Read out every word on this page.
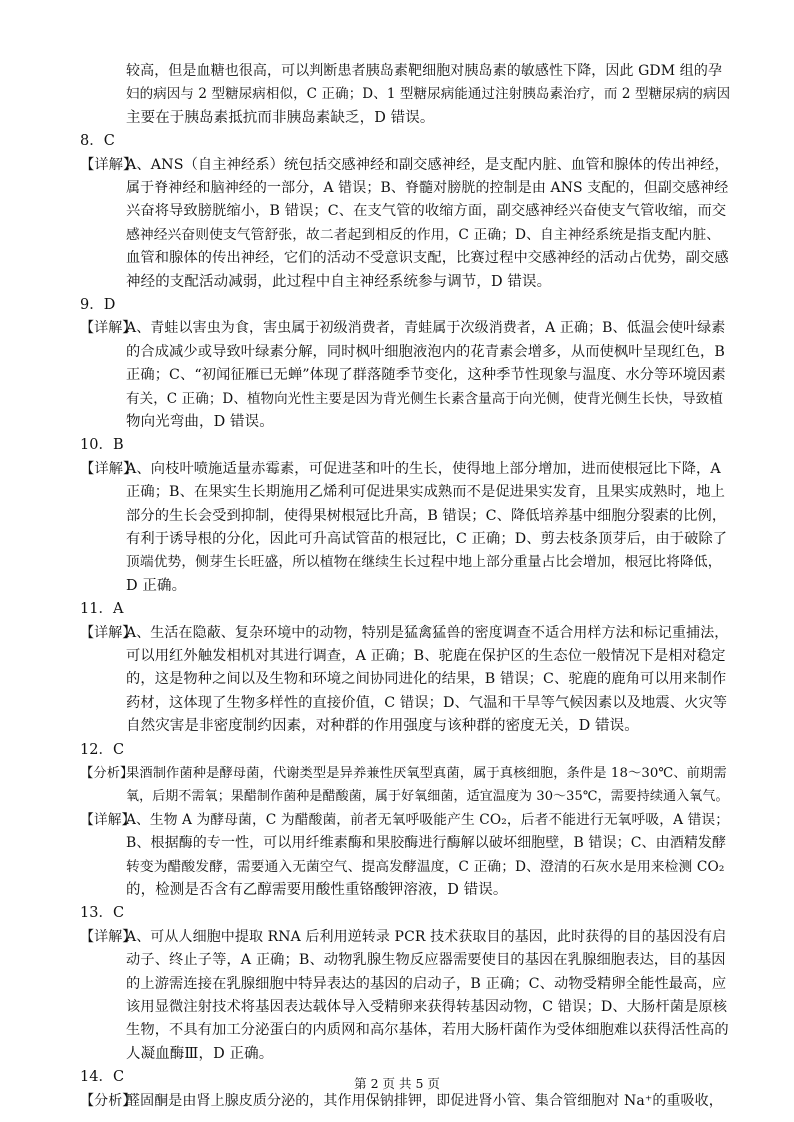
较高，但是血糖也很高，可以判断患者胰岛素靶细胞对胰岛素的敏感性下降，因此 GDM 组的孕
妇的病因与 2 型糖尿病相似，C 正确；D、1 型糖尿病能通过注射胰岛素治疗，而 2 型糖尿病的病因
主要在于胰岛素抵抗而非胰岛素缺乏，D 错误。
8．C
【详解】A、ANS（自主神经系）统包括交感神经和副交感神经，是支配内脏、血管和腺体的传出神经，
属于脊神经和脑神经的一部分，A 错误；B、脊髓对膀胱的控制是由 ANS 支配的，但副交感神经
兴奋将导致膀胱缩小，B 错误；C、在支气管的收缩方面，副交感神经兴奋使支气管收缩，而交
感神经兴奋则使支气管舒张，故二者起到相反的作用，C 正确；D、自主神经系统是指支配内脏、
血管和腺体的传出神经，它们的活动不受意识支配，比赛过程中交感神经的活动占优势，副交感
神经的支配活动减弱，此过程中自主神经系统参与调节，D 错误。
9．D
【详解】A、青蛙以害虫为食，害虫属于初级消费者，青蛙属于次级消费者，A 正确；B、低温会使叶绿素
的合成减少或导致叶绿素分解，同时枫叶细胞液泡内的花青素会增多，从而使枫叶呈现红色，B
正确；C、“初闻征雁已无蝉”体现了群落随季节变化，这种季节性现象与温度、水分等环境因素
有关，C 正确；D、植物向光性主要是因为背光侧生长素含量高于向光侧，使背光侧生长快，导致植
物向光弯曲，D 错误。
10．B
【详解】A、向枝叶喷施适量赤霉素，可促进茎和叶的生长，使得地上部分增加，进而使根冠比下降，A
正确；B、在果实生长期施用乙烯利可促进果实成熟而不是促进果实发育，且果实成熟时，地上
部分的生长会受到抑制，使得果树根冠比升高，B 错误；C、降低培养基中细胞分裂素的比例，
有利于诱导根的分化，因此可升高试管苗的根冠比，C 正确；D、剪去枝条顶芽后，由于破除了
顶端优势，侧芽生长旺盛，所以植物在继续生长过程中地上部分重量占比会增加，根冠比将降低，
D 正确。
11．A
【详解】A、生活在隐蔽、复杂环境中的动物，特别是猛禽猛兽的密度调查不适合用样方法和标记重捕法，
可以用红外触发相机对其进行调查，A 正确；B、驼鹿在保护区的生态位一般情况下是相对稳定
的，这是物种之间以及生物和环境之间协同进化的结果，B 错误；C、驼鹿的鹿角可以用来制作
药材，这体现了生物多样性的直接价值，C 错误；D、气温和干旱等气候因素以及地震、火灾等
自然灾害是非密度制约因素，对种群的作用强度与该种群的密度无关，D 错误。
12．C
【分析】果酒制作菌种是酵母菌，代谢类型是异养兼性厌氧型真菌，属于真核细胞，条件是 18～30℃、前期需
氧，后期不需氧；果醋制作菌种是醋酸菌，属于好氧细菌，适宜温度为 30～35℃，需要持续通入氧气。
【详解】A、生物 A 为酵母菌，C 为醋酸菌，前者无氧呼吸能产生 CO₂，后者不能进行无氧呼吸，A 错误；
B、根据酶的专一性，可以用纤维素酶和果胶酶进行酶解以破坏细胞壁，B 错误；C、由酒精发酵
转变为醋酸发酵，需要通入无菌空气、提高发酵温度，C 正确；D、澄清的石灰水是用来检测 CO₂
的，检测是否含有乙醇需要用酸性重铬酸钾溶液，D 错误。
13．C
【详解】A、可从人细胞中提取 RNA 后利用逆转录 PCR 技术获取目的基因，此时获得的目的基因没有启
动子、终止子等，A 正确；B、动物乳腺生物反应器需要使目的基因在乳腺细胞表达，目的基因
的上游需连接在乳腺细胞中特异表达的基因的启动子，B 正确；C、动物受精卵全能性最高，应
该用显微注射技术将基因表达载体导入受精卵来获得转基因动物，C 错误；D、大肠杆菌是原核
生物，不具有加工分泌蛋白的内质网和高尔基体，若用大肠杆菌作为受体细胞难以获得活性高的
人凝血酶Ⅲ，D 正确。
14．C
【分析】醛固酮是由肾上腺皮质分泌的，其作用保钠排钾，即促进肾小管、集合管细胞对 Na⁺的重吸收，
第 2 页 共 5 页
